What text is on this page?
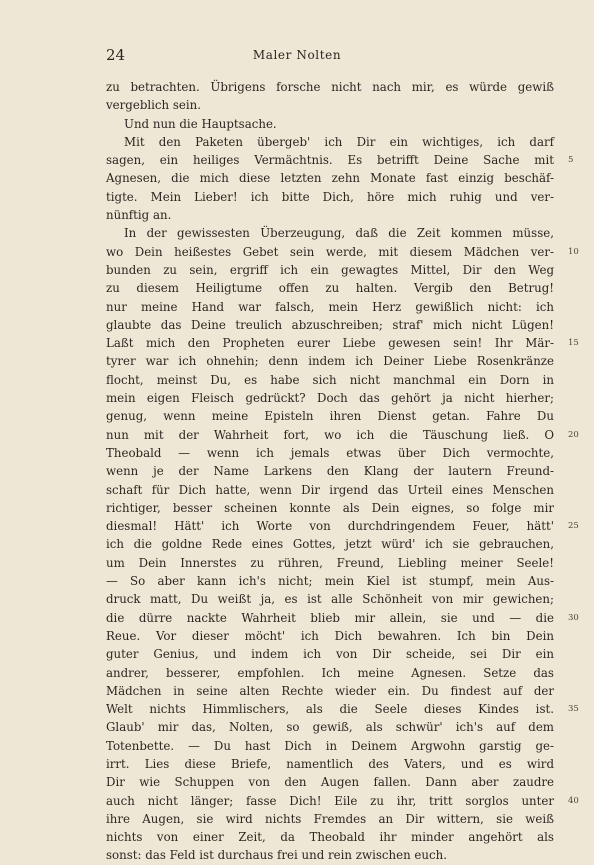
24	Maler Nolten
zu betrachten. Übrigens forsche nicht nach mir, es würde gewiß
vergeblich sein.
Und nun die Hauptsache.
Mit den Paketen übergeb' ich Dir ein wichtiges, ich darf
sagen, ein heiliges Vermächtnis. Es betrifft Deine Sache mit 5
Agnesen, die mich diese letzten zehn Monate fast einzig beschäf-
tigte. Mein Lieber! ich bitte Dich, höre mich ruhig und ver-
nünftig an.
In der gewissesten Überzeugung, daß die Zeit kommen müsse,
wo Dein heißestes Gebet sein werde, mit diesem Mädchen ver- 10
bunden zu sein, ergriff ich ein gewagtes Mittel, Dir den Weg
zu diesem Heiligtume offen zu halten. Vergib den Betrug!
nur meine Hand war falsch, mein Herz gewißlich nicht: ich
glaubte das Deine treulich abzuschreiben; straf' mich nicht Lügen!
Laßt mich den Propheten eurer Liebe gewesen sein! Ihr Mär- 15
tyrer war ich ohnehin; denn indem ich Deiner Liebe Rosenkränze
flocht, meinst Du, es habe sich nicht manchmal ein Dorn in
mein eigen Fleisch gedrückt? Doch das gehört ja nicht hierher;
genug, wenn meine Episteln ihren Dienst getan. Fahre Du
nun mit der Wahrheit fort, wo ich die Täuschung ließ. O 20
Theobald — wenn ich jemals etwas über Dich vermochte,
wenn je der Name Larkens den Klang der lautern Freund-
schaft für Dich hatte, wenn Dir irgend das Urteil eines Menschen
richtiger, besser scheinen konnte als Dein eignes, so folge mir
diesmal! Hätt' ich Worte von durchdringendem Feuer, hätt' 25
ich die goldne Rede eines Gottes, jetzt würd' ich sie gebrauchen,
um Dein Innerstes zu rühren, Freund, Liebling meiner Seele!
— So aber kann ich's nicht; mein Kiel ist stumpf, mein Aus-
druck matt, Du weißt ja, es ist alle Schönheit von mir gewichen;
die dürre nackte Wahrheit blieb mir allein, sie und — die 30
Reue. Vor dieser möcht' ich Dich bewahren. Ich bin Dein
guter Genius, und indem ich von Dir scheide, sei Dir ein
andrer, besserer, empfohlen. Ich meine Agnesen. Setze das
Mädchen in seine alten Rechte wieder ein. Du findest auf der
Welt nichts Himmlischers, als die Seele dieses Kindes ist. 35
Glaub' mir das, Nolten, so gewiß, als schwür' ich's auf dem
Totenbette. — Du hast Dich in Deinem Argwohn garstig ge-
irrt. Lies diese Briefe, namentlich des Vaters, und es wird
Dir wie Schuppen von den Augen fallen. Dann aber zaudre
auch nicht länger; fasse Dich! Eile zu ihr, tritt sorglos unter 40
ihre Augen, sie wird nichts Fremdes an Dir wittern, sie weiß
nichts von einer Zeit, da Theobald ihr minder angehört als
sonst: das Feld ist durchaus frei und rein zwischen euch.
